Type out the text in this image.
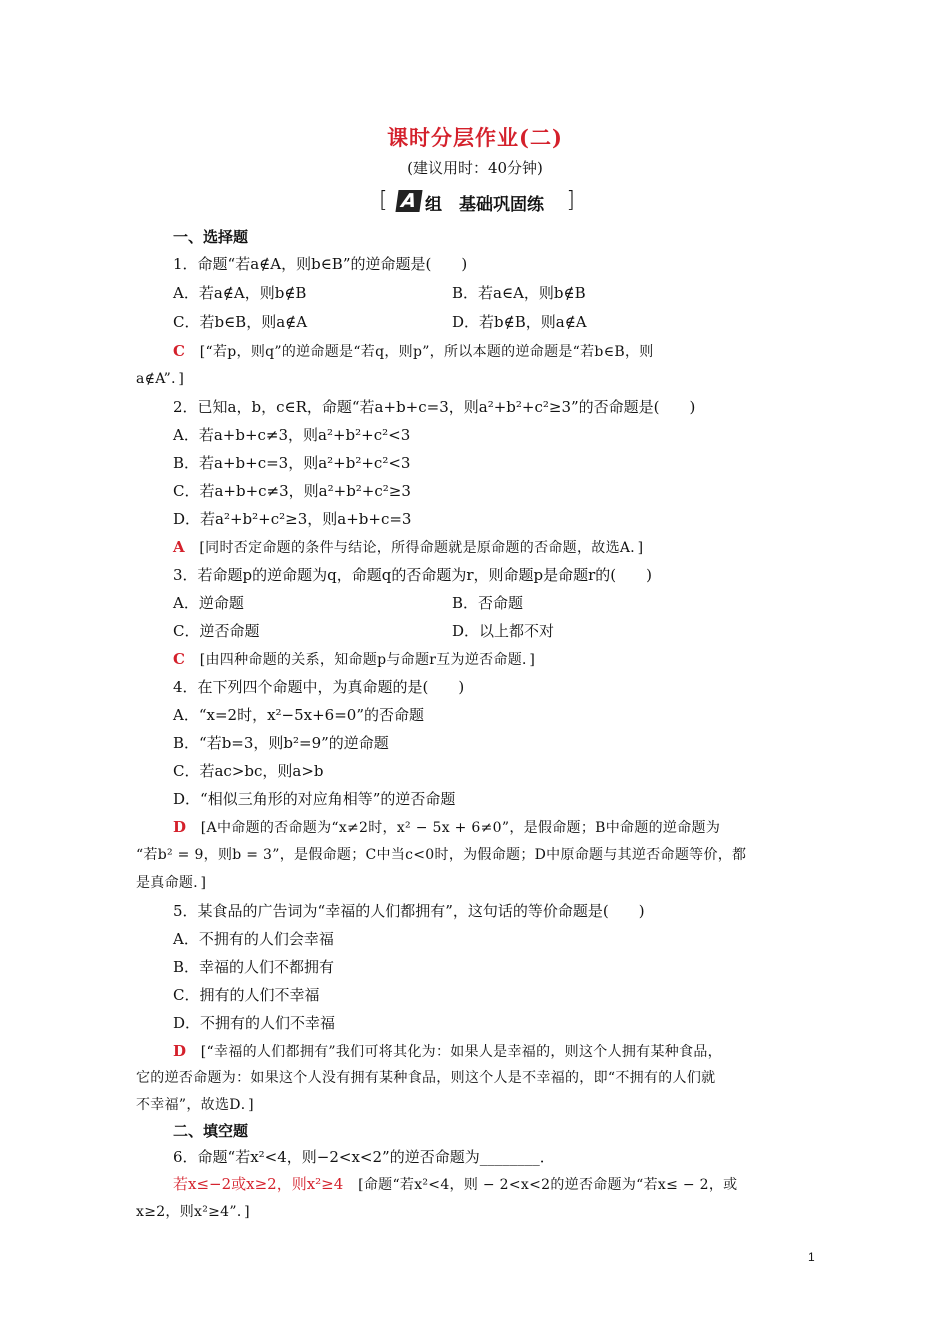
课时分层作业(二)
(建议用时：40分钟)
[ A 组　基础巩固练 ]
一、选择题
1．命题“若a∉A，则b∈B”的逆命题是(　　)
A．若a∉A，则b∉B	B．若a∈A，则b∉B
C．若b∈B，则a∉A	D．若b∉B，则a∉A
C [“若p，则q”的逆命题是“若q，则p”，所以本题的逆命题是“若b∈B，则
a∉A”．]
2．已知a，b，c∈R，命题“若a+b+c=3，则a²+b²+c²≥3”的否命题是(　　)
A．若a+b+c≠3，则a²+b²+c²<3
B．若a+b+c=3，则a²+b²+c²<3
C．若a+b+c≠3，则a²+b²+c²≥3
D．若a²+b²+c²≥3，则a+b+c=3
A [同时否定命题的条件与结论，所得命题就是原命题的否命题，故选A．]
3．若命题p的逆命题为q，命题q的否命题为r，则命题p是命题r的(　　)
A．逆命题	B．否命题
C．逆否命题	D．以上都不对
C [由四种命题的关系，知命题p与命题r互为逆否命题．]
4．在下列四个命题中，为真命题的是(　　)
A．“x=2时，x²−5x+6=0”的否命题
B．“若b=3，则b²=9”的逆命题
C．若ac>bc，则a>b
D．“相似三角形的对应角相等”的逆否命题
D [A中命题的否命题为“x≠2时，x² − 5x + 6≠0”，是假命题；B中命题的逆命题为
“若b² = 9，则b = 3”，是假命题；C中当c<0时，为假命题；D中原命题与其逆否命题等价，都
是真命题．]
5．某食品的广告词为“幸福的人们都拥有”，这句话的等价命题是(　　)
A．不拥有的人们会幸福
B．幸福的人们不都拥有
C．拥有的人们不幸福
D．不拥有的人们不幸福
D [“幸福的人们都拥有”我们可将其化为：如果人是幸福的，则这个人拥有某种食品，
它的逆否命题为：如果这个人没有拥有某种食品，则这个人是不幸福的，即“不拥有的人们就
不幸福”，故选D．]
二、填空题
6．命题“若x²<4，则−2<x<2”的逆否命题为________．
若x≤−2或x≥2，则x²≥4 [命题“若x²<4，则 − 2<x<2的逆否命题为“若x≤ − 2，或
x≥2，则x²≥4”．]
1
